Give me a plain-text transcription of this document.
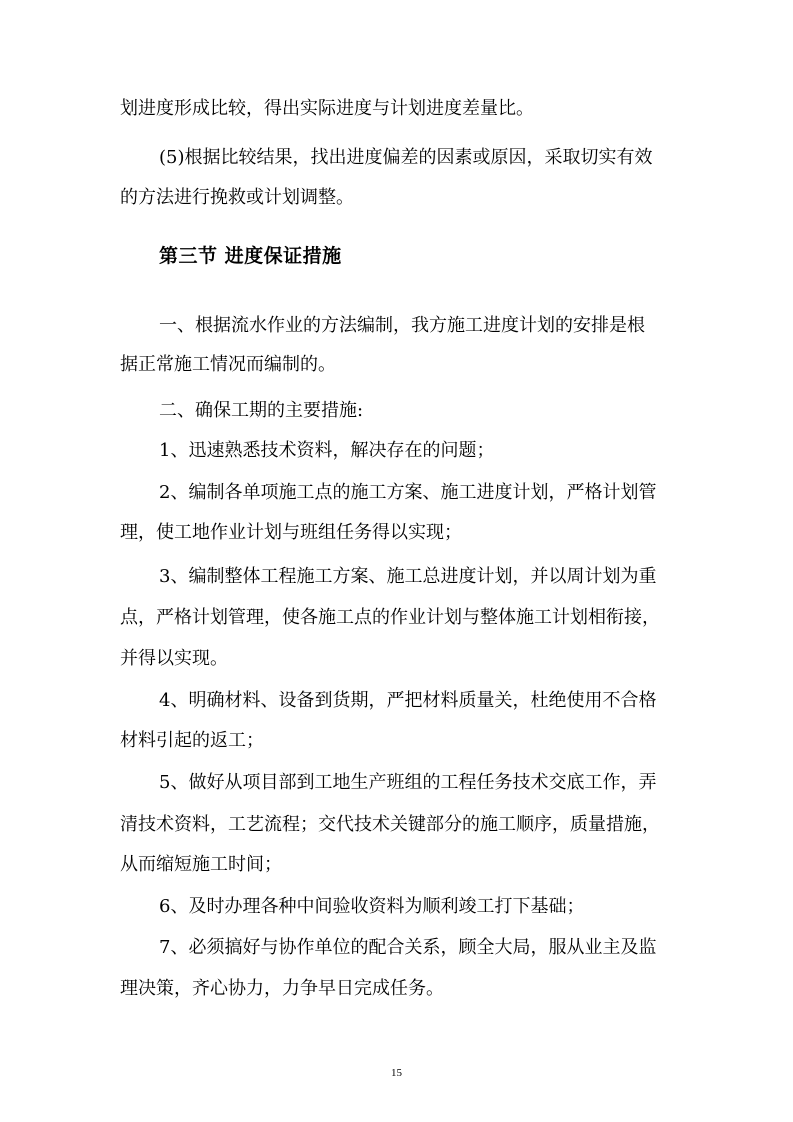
划进度形成比较，得出实际进度与计划进度差量比。
(5)根据比较结果，找出进度偏差的因素或原因，采取切实有效
的方法进行挽救或计划调整。
第三节 进度保证措施
一、根据流水作业的方法编制，我方施工进度计划的安排是根
据正常施工情况而编制的。
二、确保工期的主要措施:
1、迅速熟悉技术资料，解决存在的问题；
2、编制各单项施工点的施工方案、施工进度计划，严格计划管
理，使工地作业计划与班组任务得以实现；
3、编制整体工程施工方案、施工总进度计划，并以周计划为重
点，严格计划管理，使各施工点的作业计划与整体施工计划相衔接，
并得以实现。
4、明确材料、设备到货期，严把材料质量关，杜绝使用不合格
材料引起的返工；
5、做好从项目部到工地生产班组的工程任务技术交底工作，弄
清技术资料，工艺流程；交代技术关键部分的施工顺序，质量措施，
从而缩短施工时间；
6、及时办理各种中间验收资料为顺利竣工打下基础；
7、必须搞好与协作单位的配合关系，顾全大局，服从业主及监
理决策，齐心协力，力争早日完成任务。
15
